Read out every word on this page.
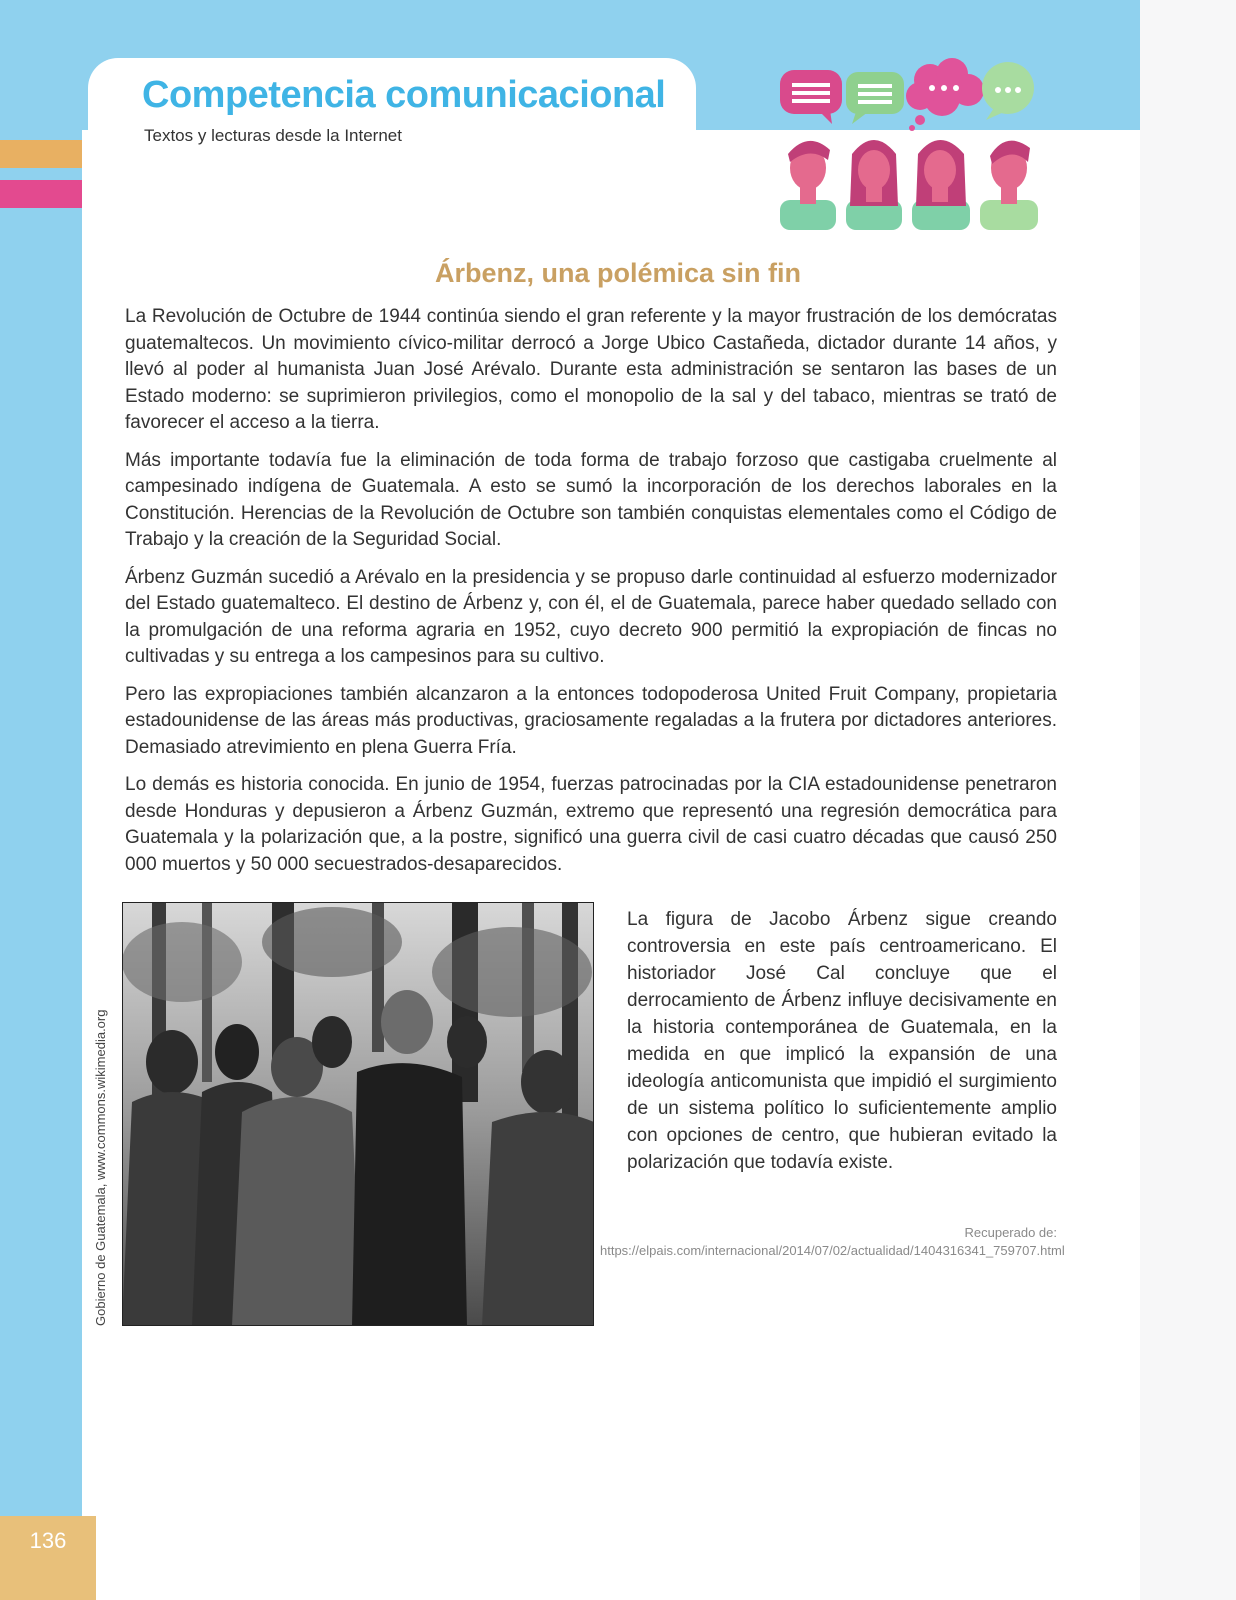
Competencia comunicacional

Textos y lecturas desde la Internet

Árbenz, una polémica sin fin

La Revolución de Octubre de 1944 continúa siendo el gran referente y la mayor frustración de los demócratas guatemaltecos. Un movimiento cívico-militar derrocó a Jorge Ubico Castañeda, dictador durante 14 años, y llevó al poder al humanista Juan José Arévalo. Durante esta administración se sentaron las bases de un Estado moderno: se suprimieron privilegios, como el monopolio de la sal y del tabaco, mientras se trató de favorecer el acceso a la tierra.

Más importante todavía fue la eliminación de toda forma de trabajo forzoso que castigaba cruelmente al campesinado indígena de Guatemala. A esto se sumó la incorporación de los derechos laborales en la Constitución. Herencias de la Revolución de Octubre son también conquistas elementales como el Código de Trabajo y la creación de la Seguridad Social.

Árbenz Guzmán sucedió a Arévalo en la presidencia y se propuso darle continuidad al esfuerzo modernizador del Estado guatemalteco. El destino de Árbenz y, con él, el de Guatemala, parece haber quedado sellado con la promulgación de una reforma agraria en 1952, cuyo decreto 900 permitió la expropiación de fincas no cultivadas y su entrega a los campesinos para su cultivo.

Pero las expropiaciones también alcanzaron a la entonces todopoderosa United Fruit Company, propietaria estadounidense de las áreas más productivas, graciosamente regaladas a la frutera por dictadores anteriores. Demasiado atrevimiento en plena Guerra Fría.

Lo demás es historia conocida. En junio de 1954, fuerzas patrocinadas por la CIA estadounidense penetraron desde Honduras y depusieron a Árbenz Guzmán, extremo que representó una regresión democrática para Guatemala y la polarización que, a la postre, significó una guerra civil de casi cuatro décadas que causó 250 000 muertos y 50 000 secuestrados-desaparecidos.

Gobierno de Guatemala, www.commons.wikimedia.org

La figura de Jacobo Árbenz sigue creando controversia en este país centroamericano. El historiador José Cal concluye que el derrocamiento de Árbenz influye decisivamente en la historia contemporánea de Guatemala, en la medida en que implicó la expansión de una ideología anticomunista que impidió el surgimiento de un sistema político lo suficientemente amplio con opciones de centro, que hubieran evitado la polarización que todavía existe.

Recuperado de: https://elpais.com/internacional/2014/07/02/actualidad/1404316341_759707.html

136
